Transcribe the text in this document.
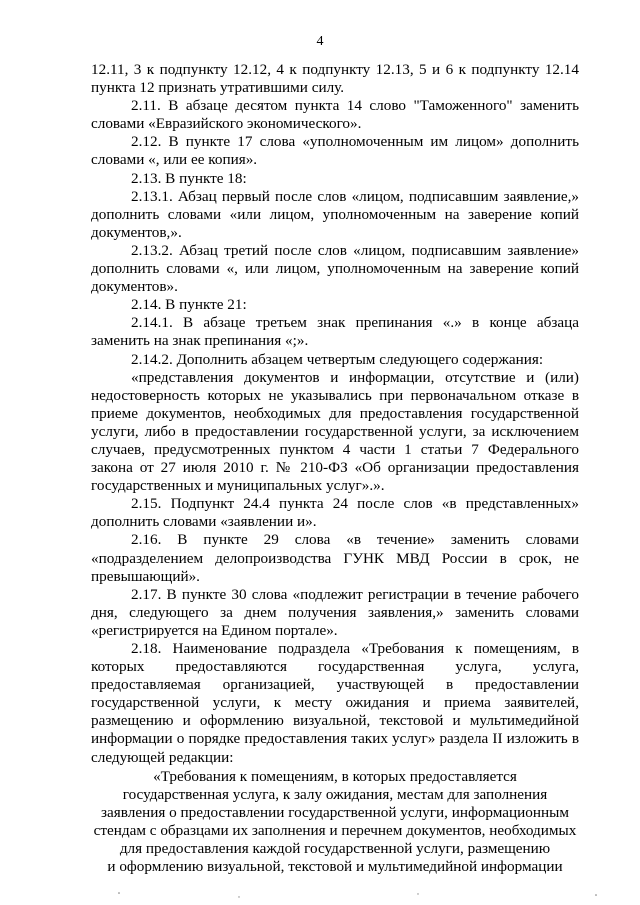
4

12.11, 3 к подпункту 12.12, 4 к подпункту 12.13, 5 и 6 к подпункту 12.14 пункта 12 признать утратившими силу.

2.11. В абзаце десятом пункта 14 слово "Таможенного" заменить словами «Евразийского экономического».

2.12. В пункте 17 слова «уполномоченным им лицом» дополнить словами «, или ее копия».

2.13. В пункте 18:

2.13.1. Абзац первый после слов «лицом, подписавшим заявление,» дополнить словами «или лицом, уполномоченным на заверение копий документов,».

2.13.2. Абзац третий после слов «лицом, подписавшим заявление» дополнить словами «, или лицом, уполномоченным на заверение копий документов».

2.14. В пункте 21:

2.14.1. В абзаце третьем знак препинания «.» в конце абзаца заменить на знак препинания «;».

2.14.2. Дополнить абзацем четвертым следующего содержания:

«представления документов и информации, отсутствие и (или) недостоверность которых не указывались при первоначальном отказе в приеме документов, необходимых для предоставления государственной услуги, либо в предоставлении государственной услуги, за исключением случаев, предусмотренных пунктом 4 части 1 статьи 7 Федерального закона от 27 июля 2010 г. № 210-ФЗ «Об организации предоставления государственных и муниципальных услуг».».

2.15. Подпункт 24.4 пункта 24 после слов «в представленных» дополнить словами «заявлении и».

2.16. В пункте 29 слова «в течение» заменить словами «подразделением делопроизводства ГУНК МВД России в срок, не превышающий».

2.17. В пункте 30 слова «подлежит регистрации в течение рабочего дня, следующего за днем получения заявления,» заменить словами «регистрируется на Едином портале».

2.18. Наименование подраздела «Требования к помещениям, в которых предоставляются государственная услуга, услуга, предоставляемая организацией, участвующей в предоставлении государственной услуги, к месту ожидания и приема заявителей, размещению и оформлению визуальной, текстовой и мультимедийной информации о порядке предоставления таких услуг» раздела II изложить в следующей редакции:

«Требования к помещениям, в которых предоставляется

государственная услуга, к залу ожидания, местам для заполнения

заявления о предоставлении государственной услуги, информационным

стендам с образцами их заполнения и перечнем документов, необходимых

для предоставления каждой государственной услуги, размещению

и оформлению визуальной, текстовой и мультимедийной информации
